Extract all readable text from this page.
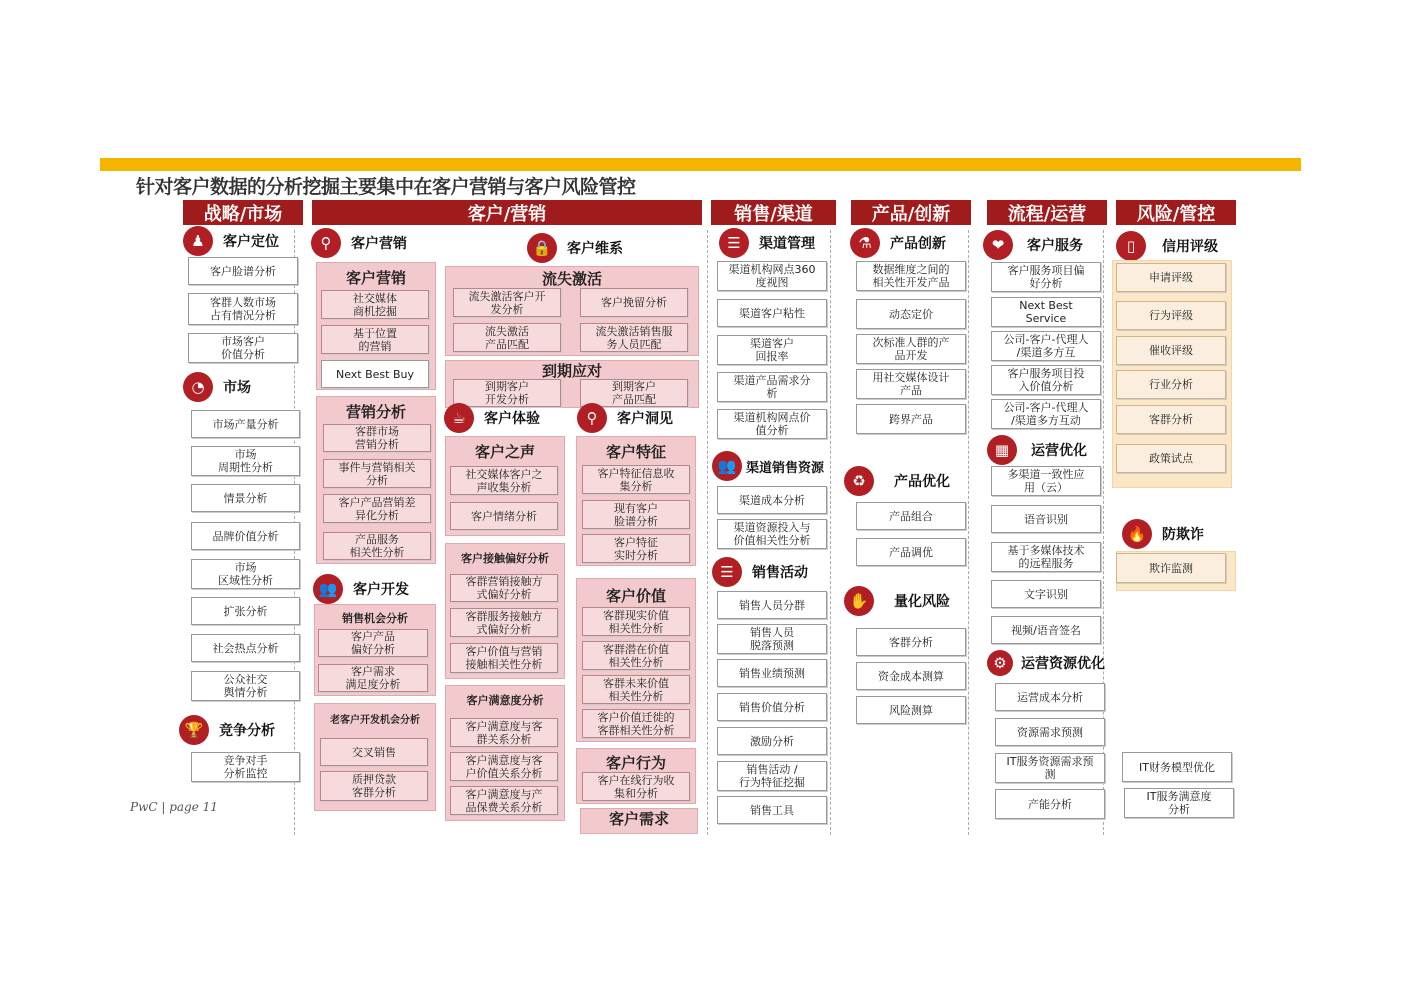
针对客户数据的分析挖掘主要集中在客户营销与客户风险管控
战略/市场	客户/营销	销售/渠道	产品/创新	流程/运营	风险/管控
♟	客户定位
客户脸谱分析
客群人数市场
占有情况分析
市场客户
价值分析
◔	市场
市场产量分析
市场
周期性分析
情景分析
品牌价值分析
市场
区域性分析
扩张分析
社会热点分析
公众社交
舆情分析
🏆	竞争分析
竞争对手
分析监控
⚲	客户营销	🔒	客户维系
客户营销
社交媒体
商机挖掘
基于位置
的营销
Next Best Buy
营销分析
客群市场
营销分析
事件与营销相关
分析
客户产品营销差
异化分析
产品服务
相关性分析
👥	客户开发
销售机会分析
客户产品
偏好分析
客户需求
满足度分析
老客户开发机会分析
交叉销售
质押贷款
客群分析
流失激活
流失激活客户开
发分析	客户挽留分析
流失激活
产品匹配
流失激活销售服
务人员匹配
到期应对
到期客户
开发分析
到期客户
产品匹配
☕	客户体验	⚲	客户洞见
客户之声
社交媒体客户之
声收集分析
客户情绪分析
客户接触偏好分析
客群营销接触方
式偏好分析
客群服务接触方
式偏好分析
客户价值与营销
接触相关性分析
客户满意度分析
客户满意度与客
群关系分析
客户满意度与客
户价值关系分析
客户满意度与产
品保费关系分析
客户特征
客户特征信息收
集分析
现有客户
脸谱分析
客户特征
实时分析
客户价值
客群现实价值
相关性分析
客群潜在价值
相关性分析
客群未来价值
相关性分析
客户价值迁徙的
客群相关性分析
客户行为
客户在线行为收
集和分析
客户需求
☰	渠道管理
渠道机构网点360
度视图
渠道客户粘性
渠道客户
回报率
渠道产品需求分
析
渠道机构网点价
值分析
👥 渠道销售资源
渠道成本分析
渠道资源投入与
价值相关性分析
☰	销售活动
销售人员分群
销售人员
脱落预测
销售业绩预测
销售价值分析
激励分析
销售活动 /
行为特征挖掘
销售工具
⚗	产品创新
数据维度之间的
相关性开发产品
动态定价
次标准人群的产
品开发
用社交媒体设计
产品
跨界产品
♻	产品优化
产品组合
产品调优
✋	量化风险
客群分析
资金成本测算
风险测算
❤	客户服务
客户服务项目偏
好分析
Next Best
Service
公司-客户-代理人
/渠道多方互
客户服务项目投
入价值分析
公司-客户-代理人
/渠道多方互动
▦	运营优化
多渠道一致性应
用（云）
语音识别
基于多媒体技术
的远程服务
文字识别
视频/语音签名
⚙	运营资源优化
运营成本分析
资源需求预测
IT服务资源需求预
测
产能分析
▯	信用评级
申请评级
行为评级
催收评级
行业分析
客群分析
政策试点
🔥	防欺诈
欺诈监测
IT财务模型优化
IT服务满意度
分析
PwC | page 11
